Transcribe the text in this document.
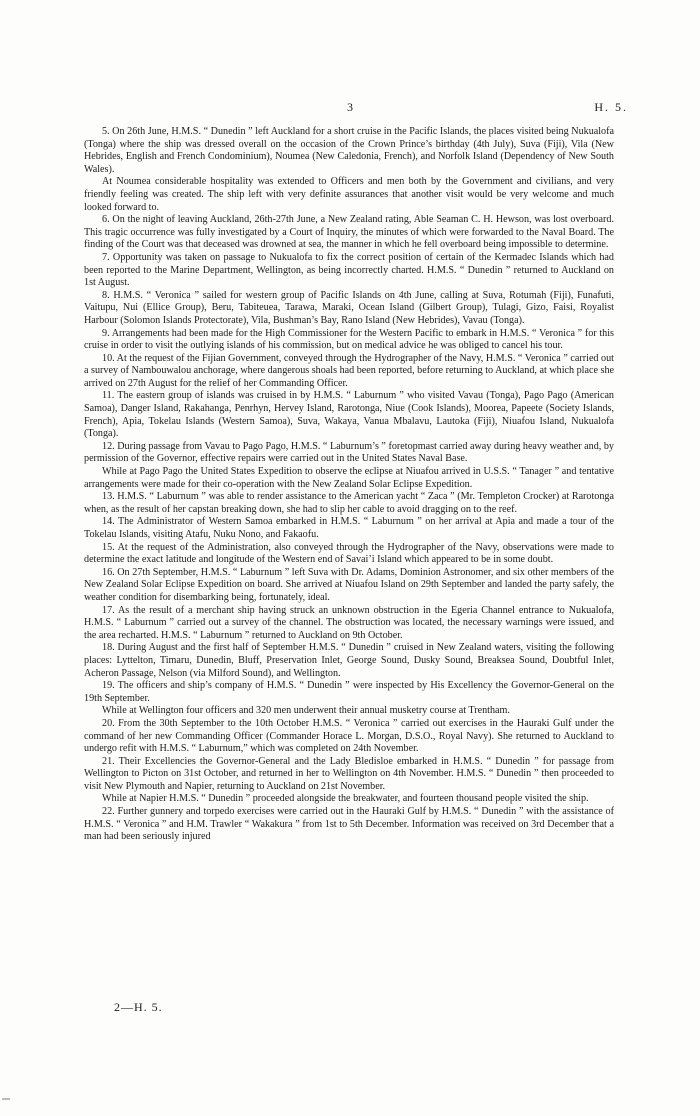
3	H. 5.

5. On 26th June, H.M.S. “ Dunedin ” left Auckland for a short cruise in the Pacific Islands, the places visited being Nukualofa (Tonga) where the ship was dressed overall on the occasion of the Crown Prince’s birthday (4th July), Suva (Fiji), Vila (New Hebrides, English and French Condominium), Noumea (New Caledonia, French), and Norfolk Island (Dependency of New South Wales).

At Noumea considerable hospitality was extended to Officers and men both by the Government and civilians, and very friendly feeling was created. The ship left with very definite assurances that another visit would be very welcome and much looked forward to.

6. On the night of leaving Auckland, 26th-27th June, a New Zealand rating, Able Seaman C. H. Hewson, was lost overboard. This tragic occurrence was fully investigated by a Court of Inquiry, the minutes of which were forwarded to the Naval Board. The finding of the Court was that deceased was drowned at sea, the manner in which he fell overboard being impossible to determine.

7. Opportunity was taken on passage to Nukualofa to fix the correct position of certain of the Kermadec Islands which had been reported to the Marine Department, Wellington, as being incorrectly charted. H.M.S. “ Dunedin ” returned to Auckland on 1st August.

8. H.M.S. “ Veronica ” sailed for western group of Pacific Islands on 4th June, calling at Suva, Rotumah (Fiji), Funafuti, Vaitupu, Nui (Ellice Group), Beru, Tabiteuea, Tarawa, Maraki, Ocean Island (Gilbert Group), Tulagi, Gizo, Faisi, Royalist Harbour (Solomon Islands Protectorate), Vila, Bushman’s Bay, Rano Island (New Hebrides), Vavau (Tonga).

9. Arrangements had been made for the High Commissioner for the Western Pacific to embark in H.M.S. “ Veronica ” for this cruise in order to visit the outlying islands of his commission, but on medical advice he was obliged to cancel his tour.

10. At the request of the Fijian Government, conveyed through the Hydrographer of the Navy, H.M.S. “ Veronica ” carried out a survey of Nambouwalou anchorage, where dangerous shoals had been reported, before returning to Auckland, at which place she arrived on 27th August for the relief of her Commanding Officer.

11. The eastern group of islands was cruised in by H.M.S. “ Laburnum ” who visited Vavau (Tonga), Pago Pago (American Samoa), Danger Island, Rakahanga, Penrhyn, Hervey Island, Rarotonga, Niue (Cook Islands), Moorea, Papeete (Society Islands, French), Apia, Tokelau Islands (Western Samoa), Suva, Wakaya, Vanua Mbalavu, Lautoka (Fiji), Niuafou Island, Nukualofa (Tonga).

12. During passage from Vavau to Pago Pago, H.M.S. “ Laburnum’s ” foretopmast carried away during heavy weather and, by permission of the Governor, effective repairs were carried out in the United States Naval Base.

While at Pago Pago the United States Expedition to observe the eclipse at Niuafou arrived in U.S.S. “ Tanager ” and tentative arrangements were made for their co-operation with the New Zealand Solar Eclipse Expedition.

13. H.M.S. “ Laburnum ” was able to render assistance to the American yacht “ Zaca ” (Mr. Templeton Crocker) at Rarotonga when, as the result of her capstan breaking down, she had to slip her cable to avoid dragging on to the reef.

14. The Administrator of Western Samoa embarked in H.M.S. “ Laburnum ” on her arrival at Apia and made a tour of the Tokelau Islands, visiting Atafu, Nuku Nono, and Fakaofu.

15. At the request of the Administration, also conveyed through the Hydrographer of the Navy, observations were made to determine the exact latitude and longitude of the Western end of Savai’i Island which appeared to be in some doubt.

16. On 27th September, H.M.S. “ Laburnum ” left Suva with Dr. Adams, Dominion Astronomer, and six other members of the New Zealand Solar Eclipse Expedition on board. She arrived at Niuafou Island on 29th September and landed the party safely, the weather condition for disembarking being, fortunately, ideal.

17. As the result of a merchant ship having struck an unknown obstruction in the Egeria Channel entrance to Nukualofa, H.M.S. “ Laburnum ” carried out a survey of the channel. The obstruction was located, the necessary warnings were issued, and the area recharted. H.M.S. “ Laburnum ” returned to Auckland on 9th October.

18. During August and the first half of September H.M.S. “ Dunedin ” cruised in New Zealand waters, visiting the following places: Lyttelton, Timaru, Dunedin, Bluff, Preservation Inlet, George Sound, Dusky Sound, Breaksea Sound, Doubtful Inlet, Acheron Passage, Nelson (via Milford Sound), and Wellington.

19. The officers and ship’s company of H.M.S. “ Dunedin ” were inspected by His Excellency the Governor-General on the 19th September.

While at Wellington four officers and 320 men underwent their annual musketry course at Trentham.

20. From the 30th September to the 10th October H.M.S. “ Veronica ” carried out exercises in the Hauraki Gulf under the command of her new Commanding Officer (Commander Horace L. Morgan, D.S.O., Royal Navy). She returned to Auckland to undergo refit with H.M.S. “ Laburnum,” which was completed on 24th November.

21. Their Excellencies the Governor-General and the Lady Bledisloe embarked in H.M.S. “ Dunedin ” for passage from Wellington to Picton on 31st October, and returned in her to Wellington on 4th November. H.M.S. “ Dunedin ” then proceeded to visit New Plymouth and Napier, returning to Auckland on 21st November.

While at Napier H.M.S. “ Dunedin ” proceeded alongside the breakwater, and fourteen thousand people visited the ship.

22. Further gunnery and torpedo exercises were carried out in the Hauraki Gulf by H.M.S. “ Dunedin ” with the assistance of H.M.S. “ Veronica ” and H.M. Trawler “ Wakakura ” from 1st to 5th December. Information was received on 3rd December that a man had been seriously injured

2—H. 5.
